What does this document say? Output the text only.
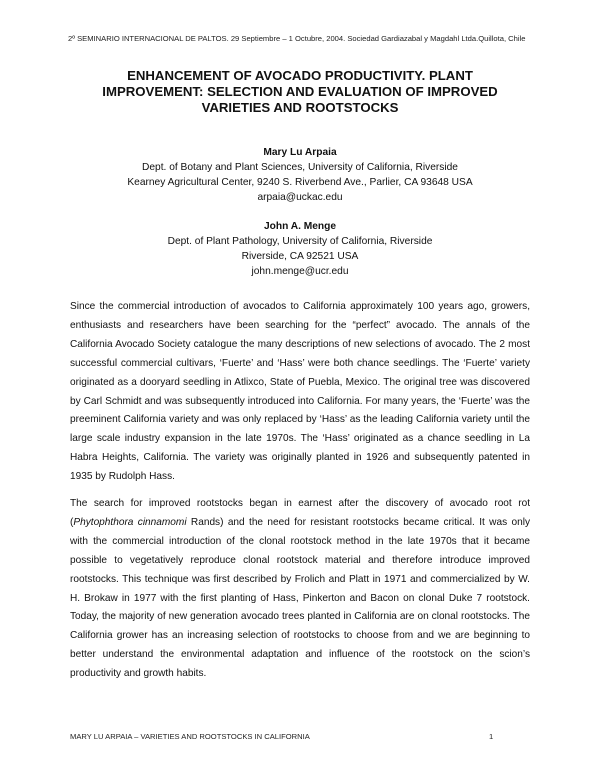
2º SEMINARIO INTERNACIONAL DE PALTOS. 29 Septiembre – 1 Octubre, 2004. Sociedad Gardiazabal y Magdahl Ltda.Quillota, Chile
ENHANCEMENT OF AVOCADO PRODUCTIVITY. PLANT
IMPROVEMENT: SELECTION AND EVALUATION OF IMPROVED
VARIETIES AND ROOTSTOCKS
Mary Lu Arpaia
Dept. of Botany and Plant Sciences, University of California, Riverside
Kearney Agricultural Center, 9240 S. Riverbend Ave., Parlier, CA 93648 USA
arpaia@uckac.edu
John A. Menge
Dept. of Plant Pathology, University of California, Riverside
Riverside, CA 92521 USA
john.menge@ucr.edu

Since the commercial introduction of avocados to California approximately 100 years ago, growers, enthusiasts and researchers have been searching for the “perfect” avocado. The annals of the California Avocado Society catalogue the many descriptions of new selections of avocado. The 2 most successful commercial cultivars, ‘Fuerte’ and ‘Hass’ were both chance seedlings. The ‘Fuerte’ variety originated as a dooryard seedling in Atlixco, State of Puebla, Mexico. The original tree was discovered by Carl Schmidt and was subsequently introduced into California. For many years, the ‘Fuerte’ was the preeminent California variety and was only replaced by ‘Hass’ as the leading California variety until the large scale industry expansion in the late 1970s. The ‘Hass’ originated as a chance seedling in La Habra Heights, California. The variety was originally planted in 1926 and subsequently patented in 1935 by Rudolph Hass.

The search for improved rootstocks began in earnest after the discovery of avocado root rot (Phytophthora cinnamomi Rands) and the need for resistant rootstocks became critical. It was only with the commercial introduction of the clonal rootstock method in the late 1970s that it became possible to vegetatively reproduce clonal rootstock material and therefore introduce improved rootstocks. This technique was first described by Frolich and Platt in 1971 and commercialized by W. H. Brokaw in 1977 with the first planting of Hass, Pinkerton and Bacon on clonal Duke 7 rootstock. Today, the majority of new generation avocado trees planted in California are on clonal rootstocks. The California grower has an increasing selection of rootstocks to choose from and we are beginning to better understand the environmental adaptation and influence of the rootstock on the scion’s productivity and growth habits.

MARY LU ARPAIA – VARIETIES AND ROOTSTOCKS IN CALIFORNIA	1
